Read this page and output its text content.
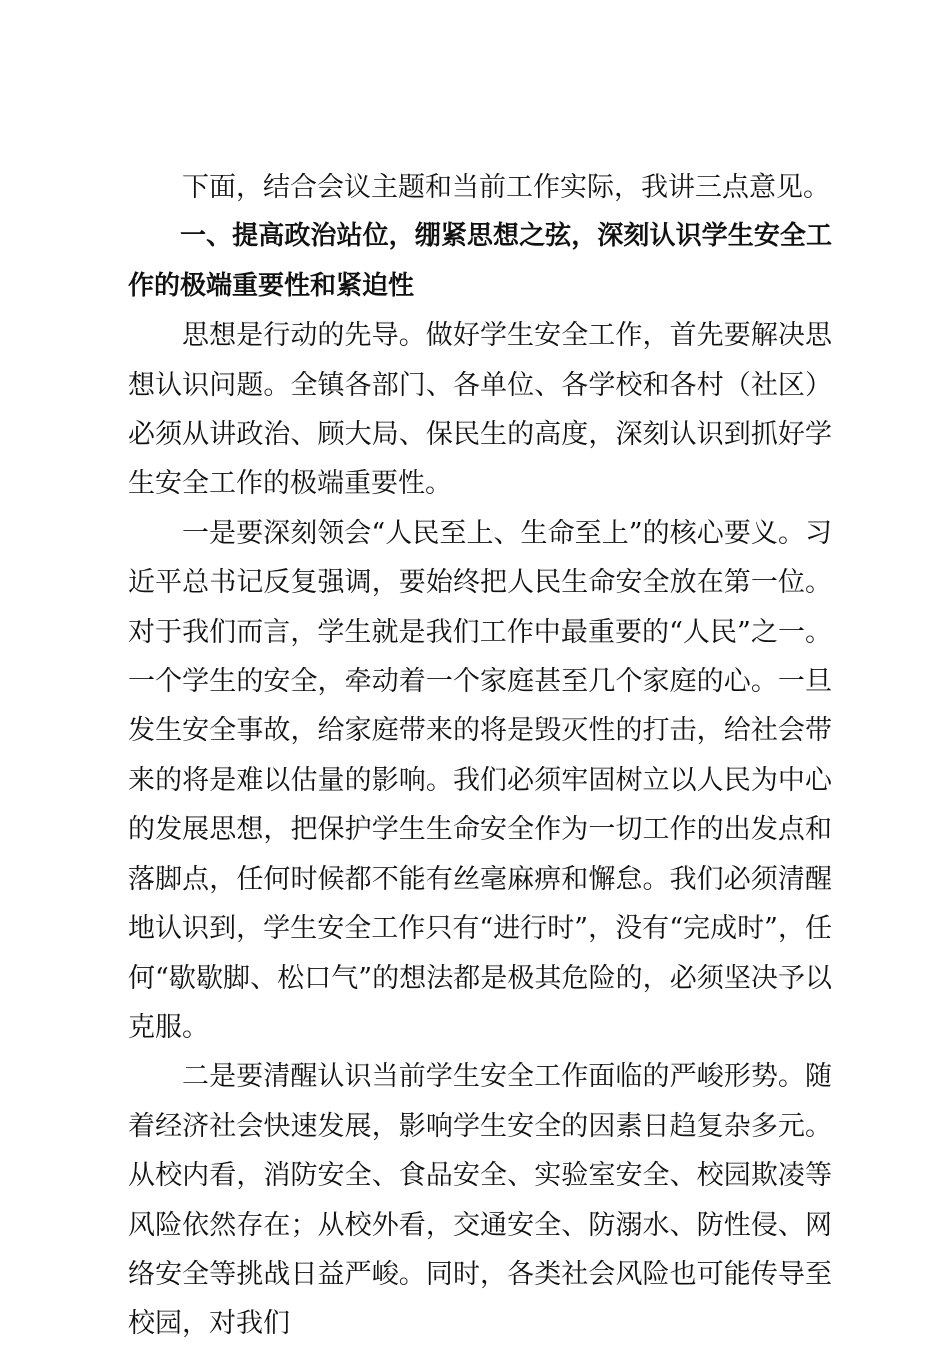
下面，结合会议主题和当前工作实际，我讲三点意见。

一、提高政治站位，绷紧思想之弦，深刻认识学生安全工作的极端重要性和紧迫性

思想是行动的先导。做好学生安全工作，首先要解决思想认识问题。全镇各部门、各单位、各学校和各村（社区）必须从讲政治、顾大局、保民生的高度，深刻认识到抓好学生安全工作的极端重要性。

一是要深刻领会“人民至上、生命至上”的核心要义。习近平总书记反复强调，要始终把人民生命安全放在第一位。对于我们而言，学生就是我们工作中最重要的“人民”之一。一个学生的安全，牵动着一个家庭甚至几个家庭的心。一旦发生安全事故，给家庭带来的将是毁灭性的打击，给社会带来的将是难以估量的影响。我们必须牢固树立以人民为中心的发展思想，把保护学生生命安全作为一切工作的出发点和落脚点，任何时候都不能有丝毫麻痹和懈怠。我们必须清醒地认识到，学生安全工作只有“进行时”，没有“完成时”，任何“歇歇脚、松口气”的想法都是极其危险的，必须坚决予以克服。

二是要清醒认识当前学生安全工作面临的严峻形势。随着经济社会快速发展，影响学生安全的因素日趋复杂多元。从校内看，消防安全、食品安全、实验室安全、校园欺凌等风险依然存在；从校外看，交通安全、防溺水、防性侵、网络安全等挑战日益严峻。同时，各类社会风险也可能传导至校园，对我们
